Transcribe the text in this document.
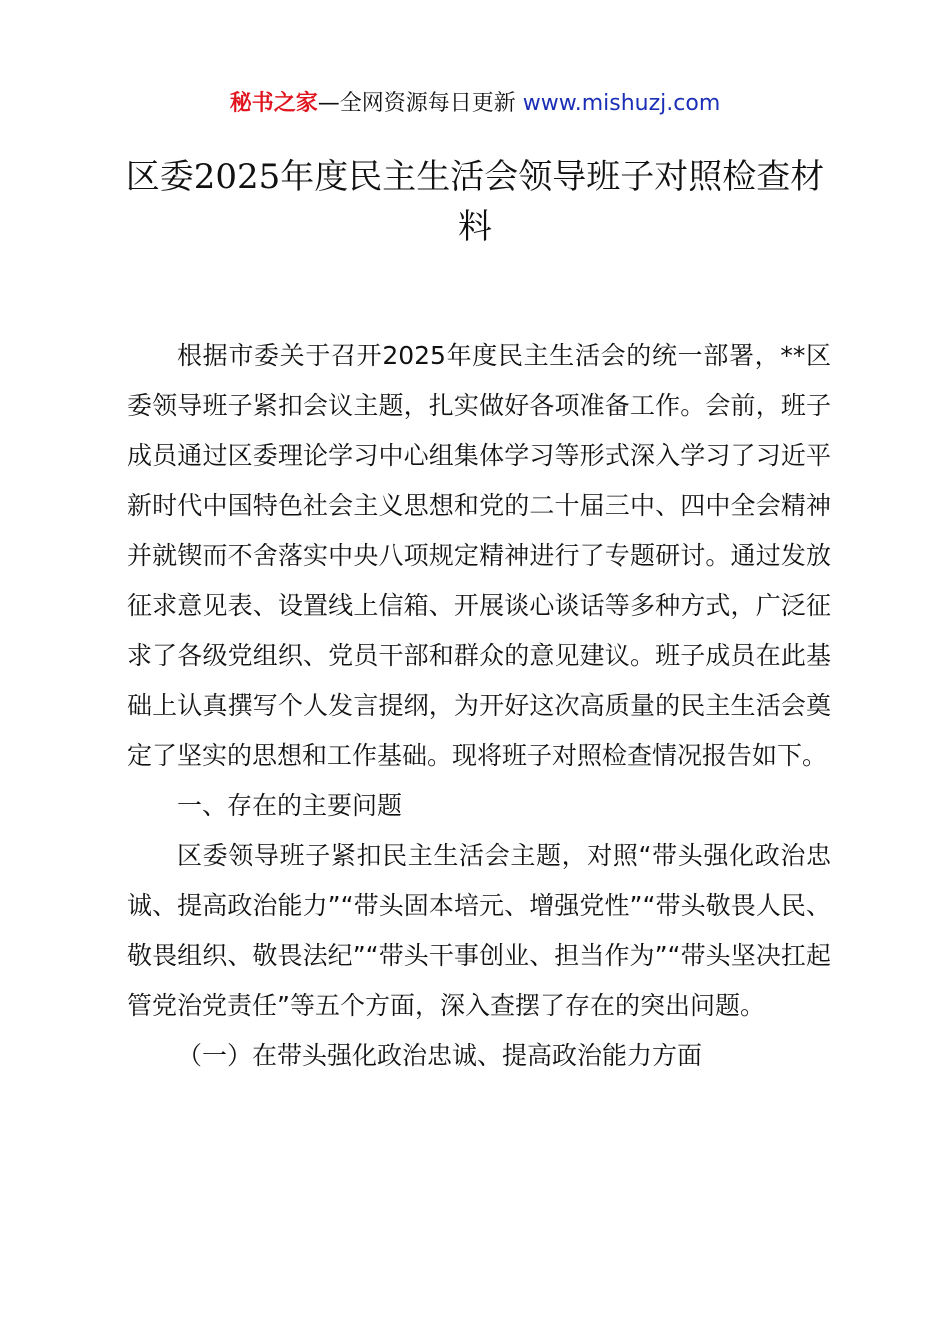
秘书之家—全网资源每日更新 www.mishuzj.com
区委2025年度民主生活会领导班子对照检查材料

根据市委关于召开2025年度民主生活会的统一部署，**区委领导班子紧扣会议主题，扎实做好各项准备工作。会前，班子成员通过区委理论学习中心组集体学习等形式深入学习了习近平新时代中国特色社会主义思想和党的二十届三中、四中全会精神并就锲而不舍落实中央八项规定精神进行了专题研讨。通过发放征求意见表、设置线上信箱、开展谈心谈话等多种方式，广泛征求了各级党组织、党员干部和群众的意见建议。班子成员在此基础上认真撰写个人发言提纲，为开好这次高质量的民主生活会奠定了坚实的思想和工作基础。现将班子对照检查情况报告如下。

一、存在的主要问题

区委领导班子紧扣民主生活会主题，对照“带头强化政治忠诚、提高政治能力”“带头固本培元、增强党性”“带头敬畏人民、敬畏组织、敬畏法纪”“带头干事创业、担当作为”“带头坚决扛起管党治党责任”等五个方面，深入查摆了存在的突出问题。

（一）在带头强化政治忠诚、提高政治能力方面
